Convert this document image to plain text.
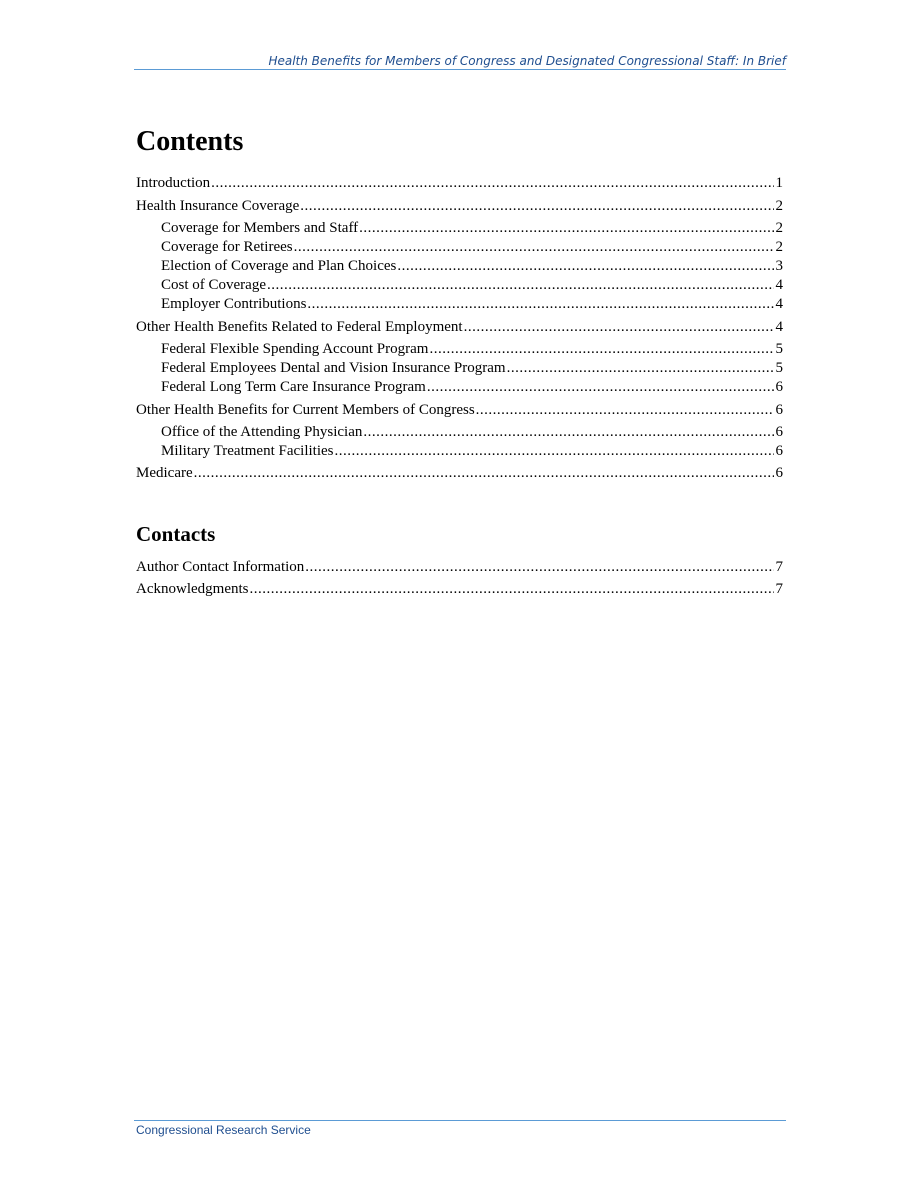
Health Benefits for Members of Congress and Designated Congressional Staff: In Brief
Contents
Introduction .....	1
Health Insurance Coverage .....	2
Coverage for Members and Staff .....	2
Coverage for Retirees .....	2
Election of Coverage and Plan Choices .....	3
Cost of Coverage .....	4
Employer Contributions .....	4
Other Health Benefits Related to Federal Employment .....	4
Federal Flexible Spending Account Program .....	5
Federal Employees Dental and Vision Insurance Program .....	5
Federal Long Term Care Insurance Program .....	6
Other Health Benefits for Current Members of Congress .....	6
Office of the Attending Physician .....	6
Military Treatment Facilities .....	6
Medicare .....	6
Author Contact Information .....	7
Acknowledgments .....	7
Contacts
Congressional Research Service
